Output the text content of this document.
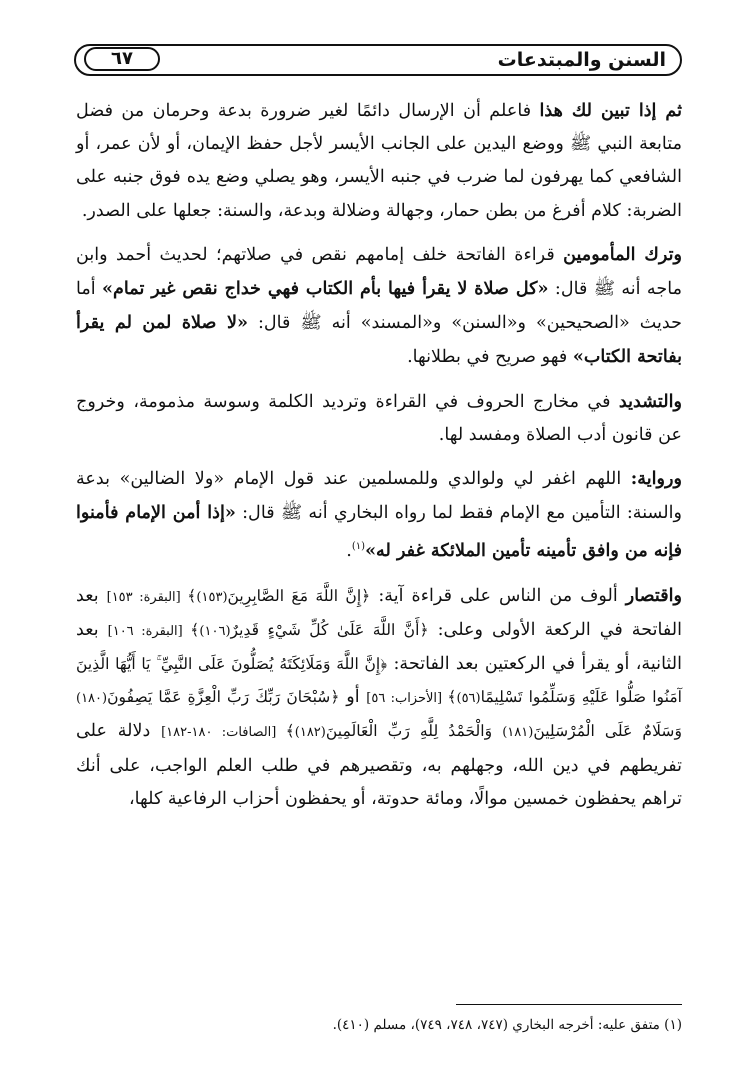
السنن والمبتدعات
٦٧

ثم إذا تبين لك هذا فاعلم أن الإرسال دائمًا لغير ضرورة بدعة وحرمان من فضل متابعة النبي ﷺ ووضع اليدين على الجانب الأيسر لأجل حفظ الإيمان، أو لأن عمر، أو الشافعي كما يهرفون لما ضرب في جنبه الأيسر، وهو يصلي وضع يده فوق جنبه على الضربة: كلام أفرغ من بطن حمار، وجهالة وضلالة وبدعة، والسنة: جعلها على الصدر.

وترك المأمومين قراءة الفاتحة خلف إمامهم نقص في صلاتهم؛ لحديث أحمد وابن ماجه أنه ﷺ قال: «كل صلاة لا يقرأ فيها بأم الكتاب فهي خداج نقص غير تمام» أما حديث «الصحيحين» و«السنن» و«المسند» أنه ﷺ قال: «لا صلاة لمن لم يقرأ بفاتحة الكتاب» فهو صريح في بطلانها.

والتشديد في مخارج الحروف في القراءة وترديد الكلمة وسوسة مذمومة، وخروج عن قانون أدب الصلاة ومفسد لها.

ورواية: اللهم اغفر لي ولوالدي وللمسلمين عند قول الإمام «ولا الضالين» بدعة والسنة: التأمين مع الإمام فقط لما رواه البخاري أنه ﷺ قال: «إذا أمن الإمام فأمنوا فإنه من وافق تأمينه تأمين الملائكة غفر له»$^{(١)}$.

واقتصار ألوف من الناس على قراءة آية: ﴿إِنَّ اللَّهَ مَعَ الصَّابِرِينَ(١٥٣)﴾ [البقرة: ١٥٣] بعد الفاتحة في الركعة الأولى وعلى: ﴿أَنَّ اللَّهَ عَلَىٰ كُلِّ شَيْءٍ قَدِيرٌ(١٠٦)﴾ [البقرة: ١٠٦] بعد الثانية، أو يقرأ في الركعتين بعد الفاتحة: ﴿إِنَّ اللَّهَ وَمَلَائِكَتَهُ يُصَلُّونَ عَلَى النَّبِيِّ ۚ يَا أَيُّهَا الَّذِينَ آمَنُوا صَلُّوا عَلَيْهِ وَسَلِّمُوا تَسْلِيمًا(٥٦)﴾ [الأحزاب: ٥٦] أو ﴿سُبْحَانَ رَبِّكَ رَبِّ الْعِزَّةِ عَمَّا يَصِفُونَ(١٨٠) وَسَلَامٌ عَلَى الْمُرْسَلِينَ(١٨١) وَالْحَمْدُ لِلَّهِ رَبِّ الْعَالَمِينَ(١٨٢)﴾ [الصافات: ١٨٠-١٨٢] دلالة على تفريطهم في دين الله، وجهلهم به، وتقصيرهم في طلب العلم الواجب، على أنك تراهم يحفظون خمسين موالًا، ومائة حدوتة، أو يحفظون أحزاب الرفاعية كلها،

(١) متفق عليه: أخرجه البخاري (٧٤٧، ٧٤٨، ٧٤٩)، مسلم (٤١٠).
